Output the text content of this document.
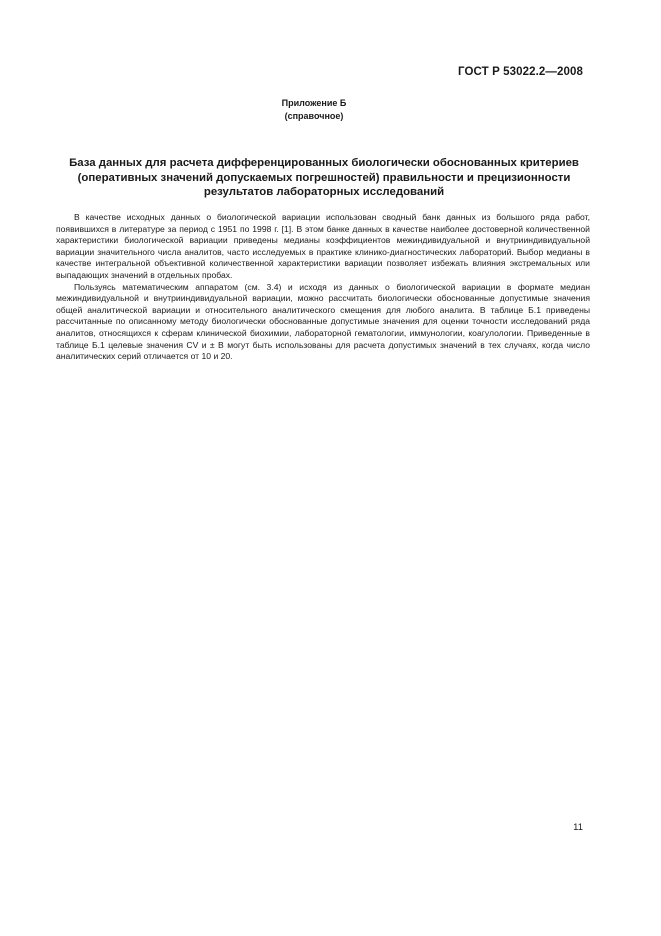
ГОСТ Р 53022.2—2008
Приложение Б
(справочное)
База данных для расчета дифференцированных биологически обоснованных критериев
(оперативных значений допускаемых погрешностей) правильности и прецизионности
результатов лабораторных исследований

В качестве исходных данных о биологической вариации использован сводный банк данных из большого ряда работ, появившихся в литературе за период с 1951 по 1998 г. [1]. В этом банке данных в качестве наиболее достоверной количественной характеристики биологической вариации приведены медианы коэффициентов межиндивидуальной и внутрииндивидуальной вариации значительного числа аналитов, часто исследуемых в практике клинико-диагностических лабораторий. Выбор медианы в качестве интегральной объективной количественной характеристики вариации позволяет избежать влияния экстремальных или выпадающих значений в отдельных пробах.

Пользуясь математическим аппаратом (см. 3.4) и исходя из данных о биологической вариации в формате медиан межиндивидуальной и внутрииндивидуальной вариации, можно рассчитать биологически обоснованные допустимые значения общей аналитической вариации и относительного аналитического смещения для любого аналита. В таблице Б.1 приведены рассчитанные по описанному методу биологически обоснованные допустимые значения для оценки точности исследований ряда аналитов, относящихся к сферам клинической биохимии, лабораторной гематологии, иммунологии, коагулологии. Приведенные в таблице Б.1 целевые значения CV и ± B могут быть использованы для расчета допустимых значений в тех случаях, когда число аналитических серий отличается от 10 и 20.

11
